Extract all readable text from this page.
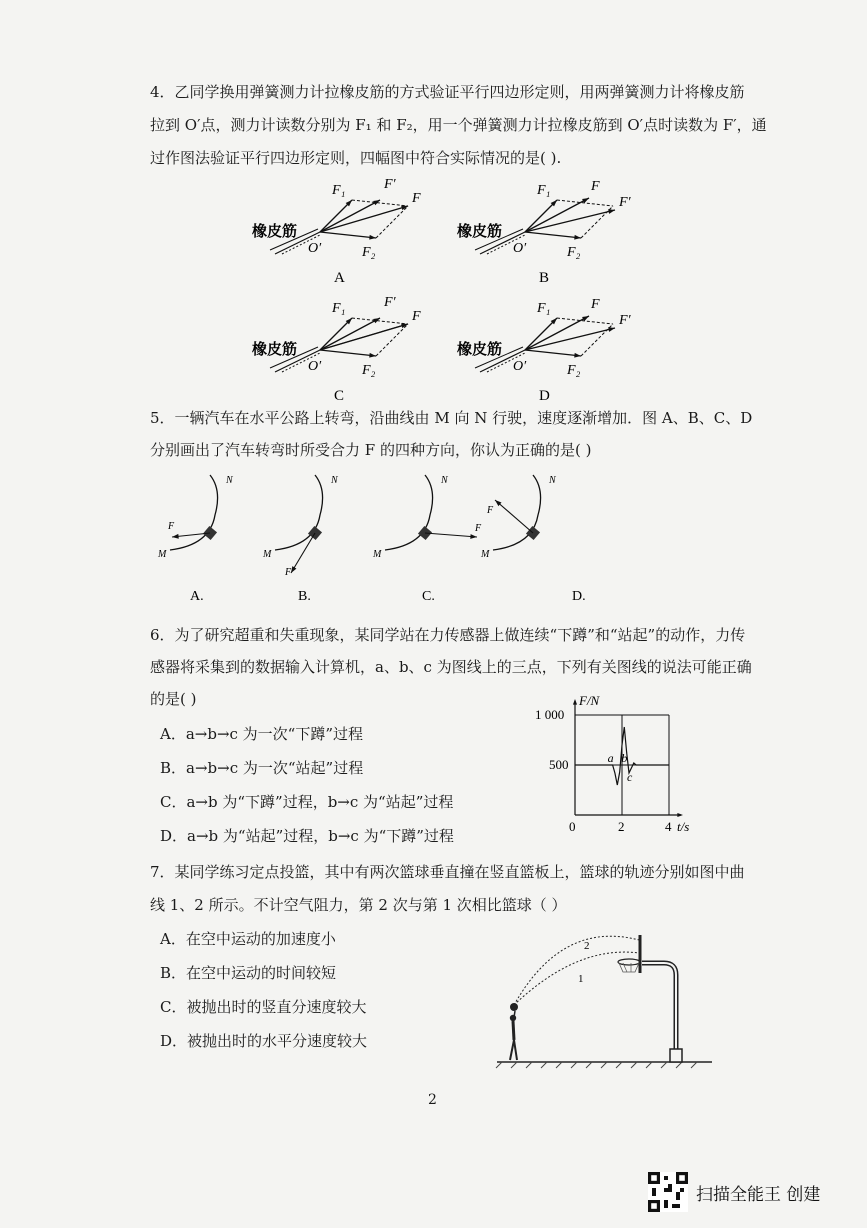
4．乙同学换用弹簧测力计拉橡皮筋的方式验证平行四边形定则，用两弹簧测力计将橡皮筋
拉到 O′点，测力计读数分别为 F₁ 和 F₂，用一个弹簧测力计拉橡皮筋到 O′点时读数为 F′，通
过作图法验证平行四边形定则，四幅图中符合实际情况的是( ).
F
F′
F₁
F₂
O′
橡皮筋
A
F
F′
F₁
F₂
O′
橡皮筋
B
F
F′
F₁
F₂
O′
橡皮筋
C
F
F′
F₁
F₂
O′
橡皮筋
D
5．一辆汽车在水平公路上转弯，沿曲线由 M 向 N 行驶，速度逐渐增加．图 A、B、C、D
分别画出了汽车转弯时所受合力 F 的四种方向，你认为正确的是( )
M
N
F
A.
M
N
F
B.
M
N
F
C.
M
N
F
D.
6．为了研究超重和失重现象，某同学站在力传感器上做连续“下蹲”和“站起”的动作，力传
感器将采集到的数据输入计算机，a、b、c 为图线上的三点，下列有关图线的说法可能正确
的是( )
A．a→b→c 为一次“下蹲”过程
B．a→b→c 为一次“站起”过程
C．a→b 为“下蹲”过程，b→c 为“站起”过程
D．a→b 为“站起”过程，b→c 为“下蹲”过程
0	2	4 t/s
500
1 000
F/N
a b
c
7．某同学练习定点投篮，其中有两次篮球垂直撞在竖直篮板上，篮球的轨迹分别如图中曲
线 1、2 所示。不计空气阻力，第 2 次与第 1 次相比篮球（ ）
A．在空中运动的加速度小
B．在空中运动的时间较短
C．被抛出时的竖直分速度较大
D．被抛出时的水平分速度较大
2
1
2
扫描全能王 创建
